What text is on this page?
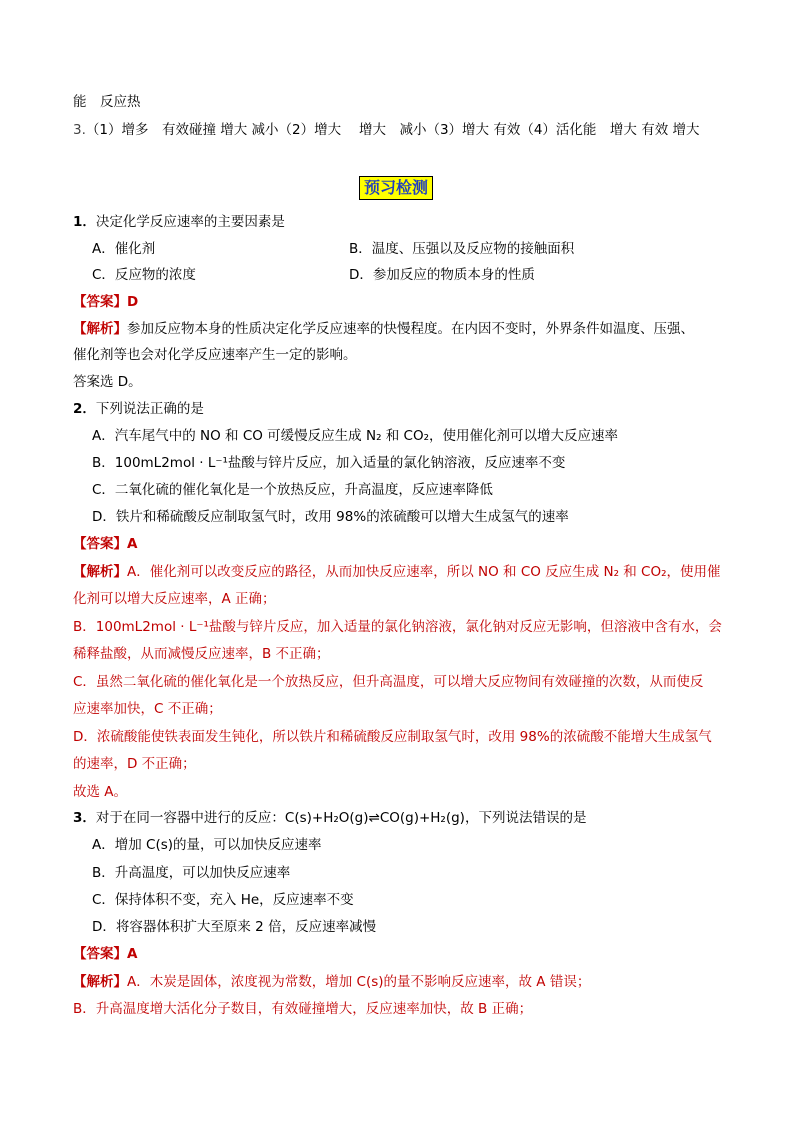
能　反应热
3.（1）增多　有效碰撞 增大 减小（2）增大　 增大　减小（3）增大 有效（4）活化能　增大 有效 增大
预习检测
1．决定化学反应速率的主要因素是
A．催化剂	B．温度、压强以及反应物的接触面积
C．反应物的浓度	D．参加反应的物质本身的性质
【答案】D
【解析】参加反应物本身的性质决定化学反应速率的快慢程度。在内因不变时，外界条件如温度、压强、
催化剂等也会对化学反应速率产生一定的影响。
答案选 D。
2．下列说法正确的是
A．汽车尾气中的 NO 和 CO 可缓慢反应生成 N₂ 和 CO₂，使用催化剂可以增大反应速率
B．100mL2mol · L⁻¹盐酸与锌片反应，加入适量的氯化钠溶液，反应速率不变
C．二氧化硫的催化氧化是一个放热反应，升高温度，反应速率降低
D．铁片和稀硫酸反应制取氢气时，改用 98%的浓硫酸可以增大生成氢气的速率
【答案】A
【解析】A．催化剂可以改变反应的路径，从而加快反应速率，所以 NO 和 CO 反应生成 N₂ 和 CO₂，使用催
化剂可以增大反应速率，A 正确；
B．100mL2mol · L⁻¹盐酸与锌片反应，加入适量的氯化钠溶液，氯化钠对反应无影响，但溶液中含有水，会
稀释盐酸，从而减慢反应速率，B 不正确；
C．虽然二氧化硫的催化氧化是一个放热反应，但升高温度，可以增大反应物间有效碰撞的次数，从而使反
应速率加快，C 不正确；
D．浓硫酸能使铁表面发生钝化，所以铁片和稀硫酸反应制取氢气时，改用 98%的浓硫酸不能增大生成氢气
的速率，D 不正确；
故选 A。
3．对于在同一容器中进行的反应：C(s)+H₂O(g)⇌CO(g)+H₂(g)，下列说法错误的是
A．增加 C(s)的量，可以加快反应速率
B．升高温度，可以加快反应速率
C．保持体积不变，充入 He，反应速率不变
D．将容器体积扩大至原来 2 倍，反应速率减慢
【答案】A
【解析】A．木炭是固体，浓度视为常数，增加 C(s)的量不影响反应速率，故 A 错误；
B．升高温度增大活化分子数目，有效碰撞增大，反应速率加快，故 B 正确；
